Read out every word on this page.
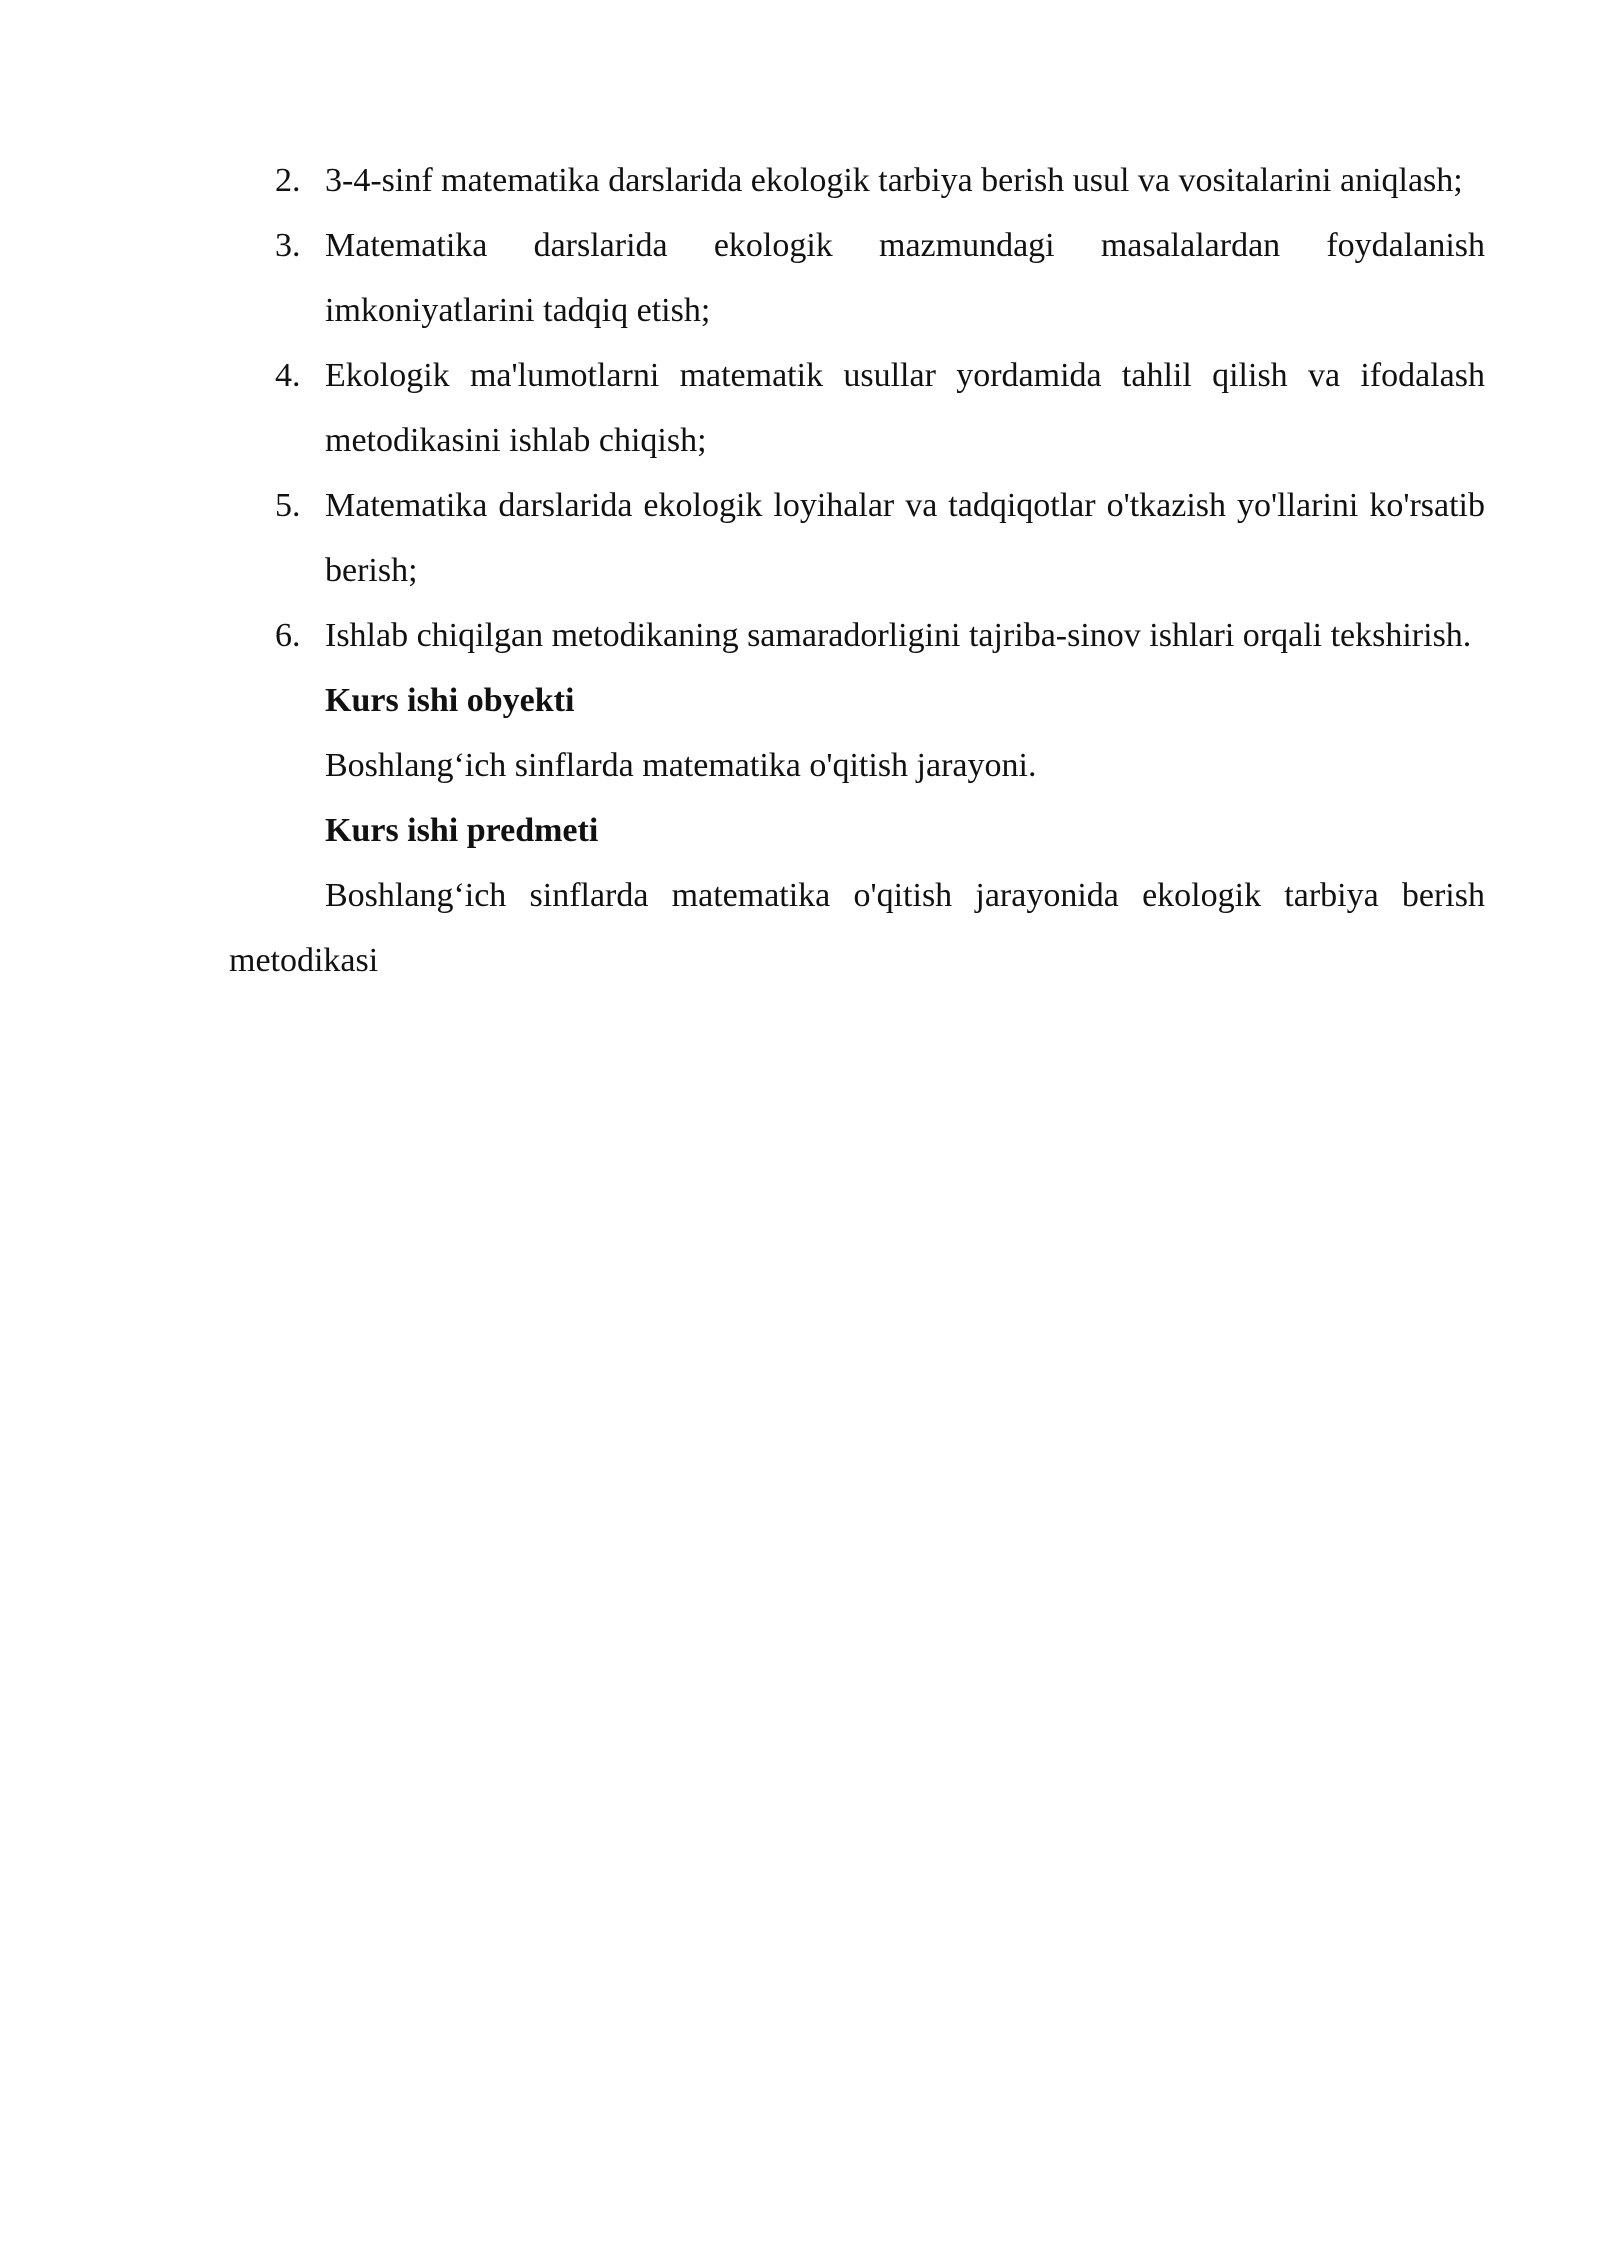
2. 3-4-sinf matematika darslarida ekologik tarbiya berish usul va vositalarini aniqlash;
3. Matematika darslarida ekologik mazmundagi masalalardan foydalanish imkoniyatlarini tadqiq etish;
4. Ekologik ma'lumotlarni matematik usullar yordamida tahlil qilish va ifodalash metodikasini ishlab chiqish;
5. Matematika darslarida ekologik loyihalar va tadqiqotlar o'tkazish yo'llarini ko'rsatib berish;
6. Ishlab chiqilgan metodikaning samaradorligini tajriba-sinov ishlari orqali tekshirish.

Kurs ishi obyekti

Boshlang‘ich sinflarda matematika o'qitish jarayoni.

Kurs ishi predmeti

Boshlang‘ich sinflarda matematika o'qitish jarayonida ekologik tarbiya berish metodikasi
